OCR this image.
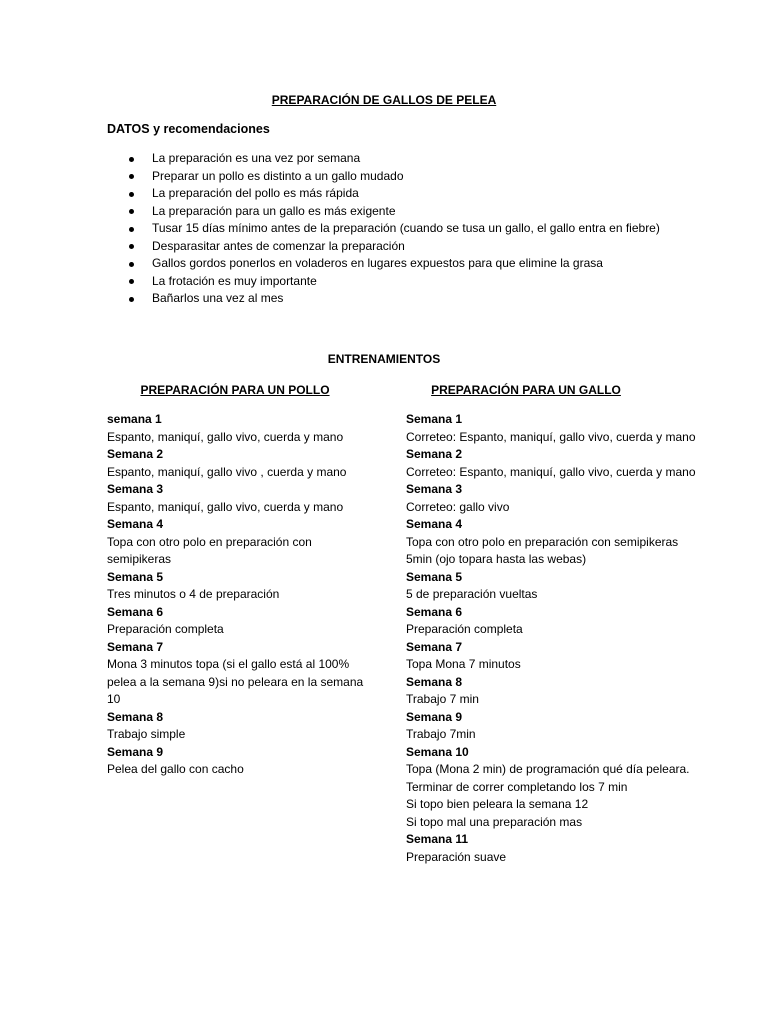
PREPARACIÓN DE GALLOS DE PELEA
DATOS y recomendaciones
La preparación es una vez por semana
Preparar un pollo es distinto a un gallo mudado
La preparación del pollo es más rápida
La preparación para un gallo es más exigente
Tusar 15 días mínimo antes de la preparación (cuando se tusa un gallo, el gallo entra en fiebre)
Desparasitar antes de comenzar la preparación
Gallos gordos ponerlos en voladeros en lugares expuestos para que elimine la grasa
La frotación es muy importante
Bañarlos una vez al mes
ENTRENAMIENTOS
PREPARACIÓN PARA UN POLLO	PREPARACIÓN PARA UN GALLO
semana 1
Espanto, maniquí, gallo vivo, cuerda y mano
Semana 2
Espanto, maniquí, gallo vivo , cuerda y mano
Semana 3
Espanto, maniquí, gallo vivo, cuerda y mano
Semana 4
Topa con otro polo en preparación con semipikeras
Semana 5
Tres minutos o 4 de preparación
Semana 6
Preparación completa
Semana 7
Mona 3 minutos topa (si el gallo está al 100% pelea a la semana 9)si no peleara en la semana 10
Semana 8
Trabajo simple
Semana 9
Pelea del gallo con cacho
Semana 1
Correteo: Espanto, maniquí, gallo vivo, cuerda y mano
Semana 2
Correteo: Espanto, maniquí, gallo vivo, cuerda y mano
Semana 3
Correteo: gallo vivo
Semana 4
Topa con otro polo en preparación con semipikeras 5min (ojo topara hasta las webas)
Semana 5
5 de preparación vueltas
Semana 6
Preparación completa
Semana 7
Topa Mona 7 minutos
Semana 8
Trabajo 7 min
Semana 9
Trabajo 7min
Semana 10
Topa (Mona 2 min) de programación qué día peleara. Terminar de correr completando los 7 min
Si topo bien peleara la semana 12
Si topo mal una preparación mas
Semana 11
Preparación suave
